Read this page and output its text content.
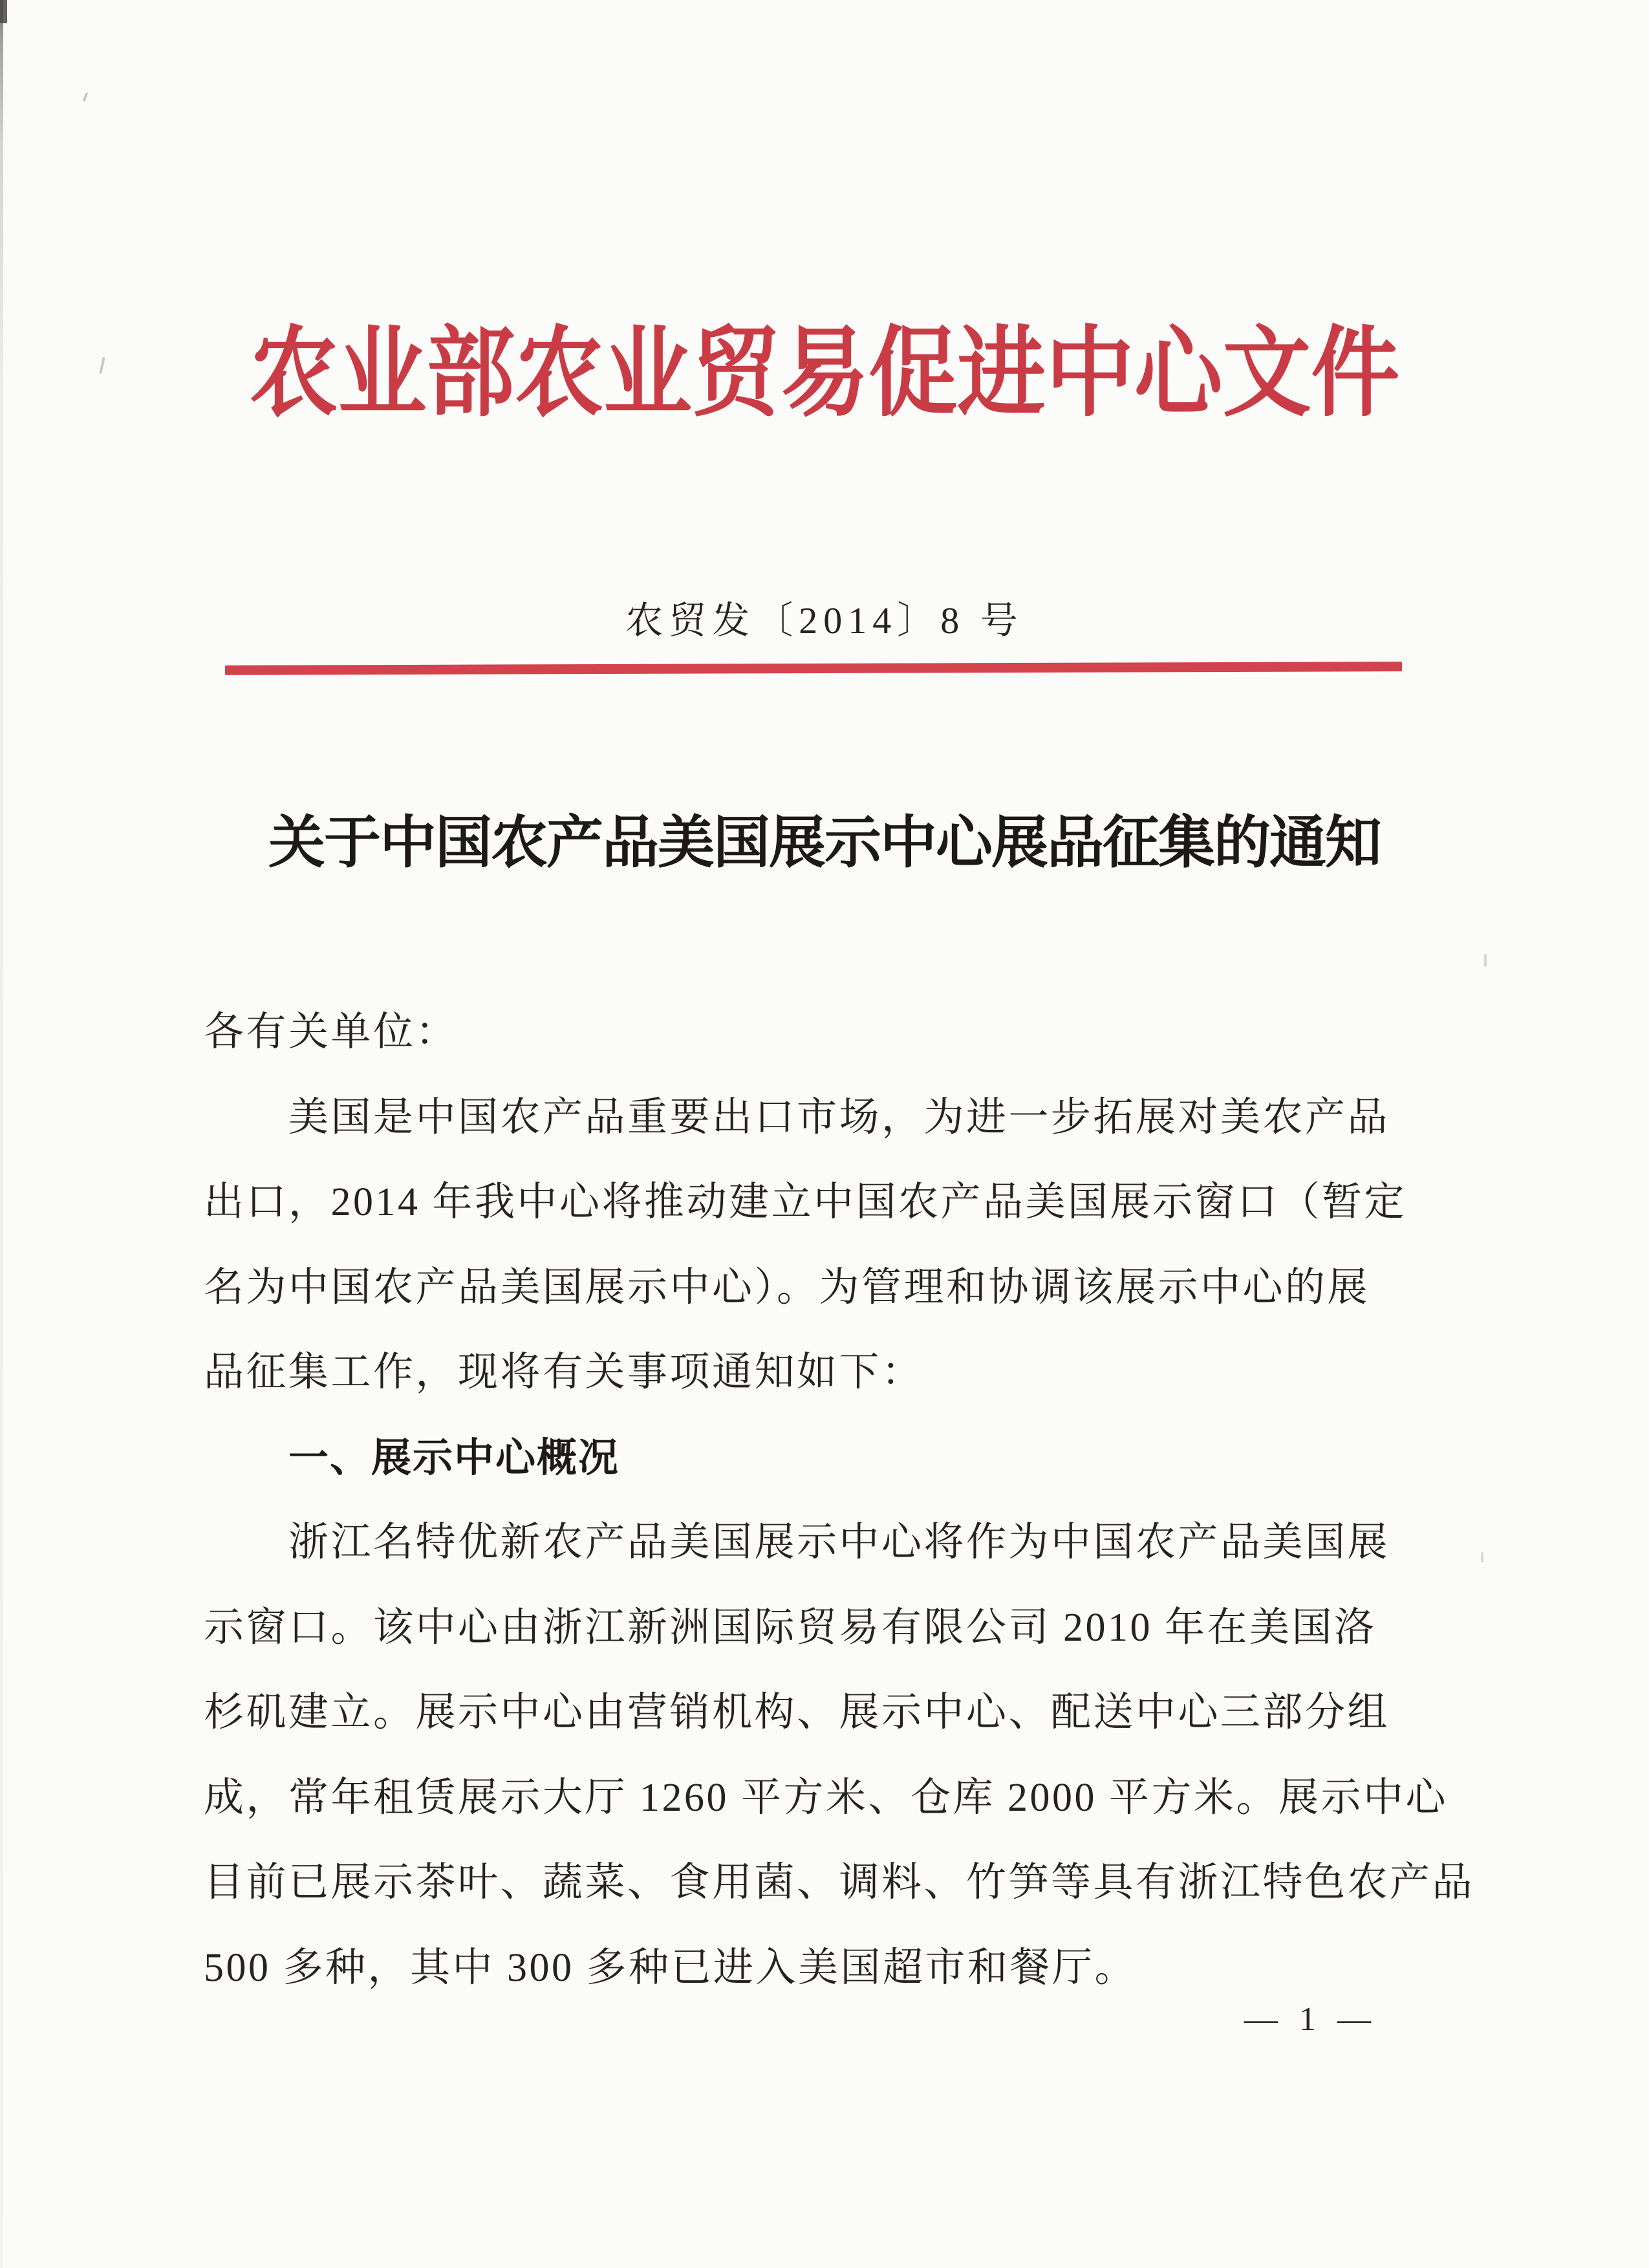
农业部农业贸易促进中心文件
农贸发〔2014〕8 号
关于中国农产品美国展示中心展品征集的通知
各有关单位：
美国是中国农产品重要出口市场，为进一步拓展对美农产品
出口，2014 年我中心将推动建立中国农产品美国展示窗口（暂定
名为中国农产品美国展示中心）。为管理和协调该展示中心的展
品征集工作，现将有关事项通知如下：
一、展示中心概况
浙江名特优新农产品美国展示中心将作为中国农产品美国展
示窗口。该中心由浙江新洲国际贸易有限公司 2010 年在美国洛
杉矶建立。展示中心由营销机构、展示中心、配送中心三部分组
成，常年租赁展示大厅 1260 平方米、仓库 2000 平方米。展示中心
目前已展示茶叶、蔬菜、食用菌、调料、竹笋等具有浙江特色农产品
500 多种，其中 300 多种已进入美国超市和餐厅。
— 1 —
